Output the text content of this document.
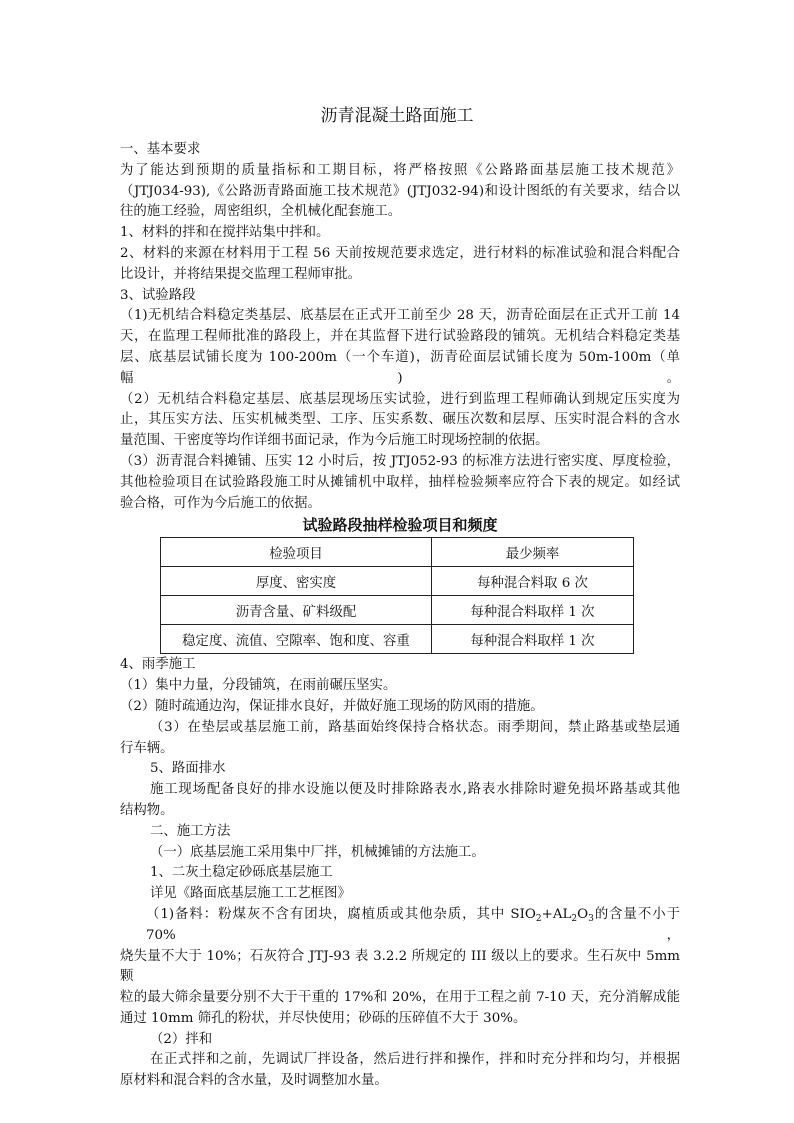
沥青混凝土路面施工
一、基本要求
为了能达到预期的质量指标和工期目标，将严格按照《公路路面基层施工技术规范》
（JTJ034-93),《公路沥青路面施工技术规范》(JTJ032-94)和设计图纸的有关要求，结合以
往的施工经验，周密组织，全机械化配套施工。
1、材料的拌和在搅拌站集中拌和。
2、材料的来源在材料用于工程 56 天前按规范要求选定，进行材料的标准试验和混合料配合
比设计，并将结果提交监理工程师审批。
3、试验路段
（1)无机结合料稳定类基层、底基层在正式开工前至少 28 天，沥青砼面层在正式开工前 14
天，在监理工程师批准的路段上，并在其监督下进行试验路段的铺筑。无机结合料稳定类基
层、底基层试铺长度为 100-200m（一个车道)，沥青砼面层试铺长度为 50m-100m（单幅)。
（2）无机结合料稳定基层、底基层现场压实试验，进行到监理工程师确认到规定压实度为
止，其压实方法、压实机械类型、工序、压实系数、碾压次数和层厚、压实时混合料的含水
量范围、干密度等均作详细书面记录，作为今后施工时现场控制的依据。
（3）沥青混合料摊铺、压实 12 小时后，按 JTJ052-93 的标准方法进行密实度、厚度检验，
其他检验项目在试验路段施工时从摊铺机中取样，抽样检验频率应符合下表的规定。如经试
验合格，可作为今后施工的依据。
试验路段抽样检验项目和频度
检验项目	最少频率
厚度、密实度	每种混合料取 6 次
沥青含量、矿料级配	每种混合料取样 1 次
稳定度、流值、空隙率、饱和度、容重	每种混合料取样 1 次
4、雨季施工
（1）集中力量，分段铺筑，在雨前碾压坚实。
（2）随时疏通边沟，保证排水良好，并做好施工现场的防风雨的措施。
（3）在垫层或基层施工前，路基面始终保持合格状态。雨季期间，禁止路基或垫层通
行车辆。
5、路面排水
施工现场配备良好的排水设施以便及时排除路表水,路表水排除时避免损坏路基或其他
结构物。
二、施工方法
（一）底基层施工采用集中厂拌，机械摊铺的方法施工。
1、二灰土稳定砂砾底基层施工
详见《路面底基层施工工艺框图》
（1)备料：粉煤灰不含有团块，腐植质或其他杂质，其中 $SIO_2+AL_2O_3$的含量不小于 70%，
烧失量不大于 10%；石灰符合 JTJ-93 表 3.2.2 所规定的 III 级以上的要求。生石灰中 5mm 颗
粒的最大筛余量要分别不大于干重的 17%和 20%，在用于工程之前 7-10 天，充分消解成能
通过 10mm 筛孔的粉状，并尽快使用；砂砾的压碎值不大于 30%。
（2）拌和
在正式拌和之前，先调试厂拌设备，然后进行拌和操作，拌和时充分拌和均匀，并根据
原材料和混合料的含水量，及时调整加水量。
